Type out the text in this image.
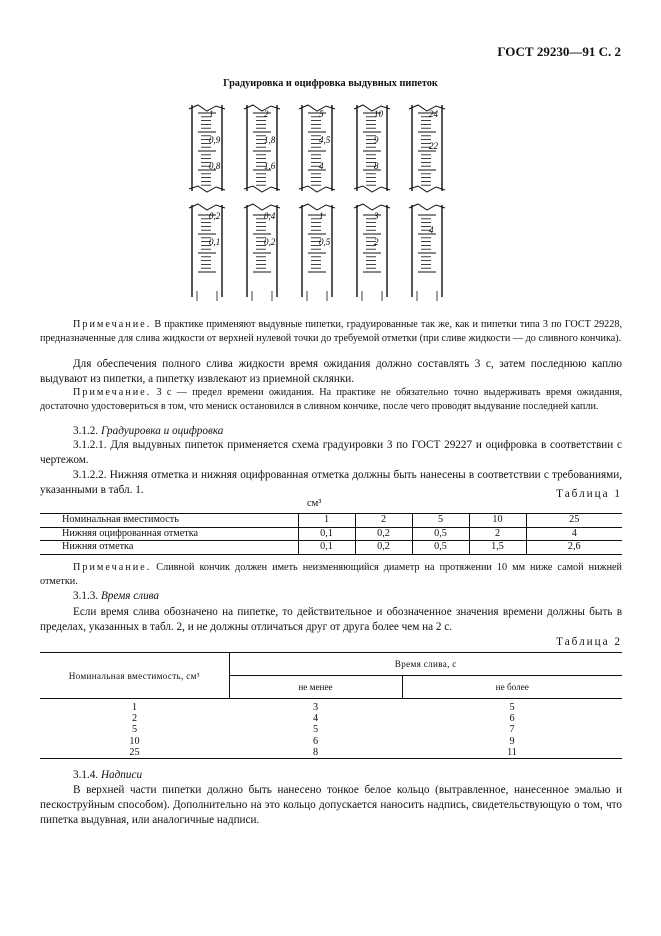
ГОСТ 29230—91 С. 2
Градуировка и оцифровка выдувных пипеток
1
0,9
0,8
0,2
0,1
2
1,8
1,6
0,4
0,2
5
4,5
4
1
0,5
10
9
8
3
2
24
22
4
Примечание. В практике применяют выдувные пипетки, градуированные так же, как и пипетки типа 3 по ГОСТ 29228, предназначенные для слива жидкости от верхней нулевой точки до требуемой отметки (при сливе жидкости — до сливного кончика).
Для обеспечения полного слива жидкости время ожидания должно составлять 3 с, затем последнюю каплю выдувают из пипетки, а пипетку извлекают из приемной склянки.
Примечание. 3 с — предел времени ожидания. На практике не обязательно точно выдерживать время ожидания, достаточно удостовериться в том, что мениск остановился в сливном кончике, после чего проводят выдувание последней капли.
3.1.2. Градуировка и оцифровка
3.1.2.1. Для выдувных пипеток применяется схема градуировки 3 по ГОСТ 29227 и оцифровка в соответствии с чертежом.
3.1.2.2. Нижняя отметка и нижняя оцифрованная отметка должны быть нанесены в соответствии с требованиями, указанными в табл. 1.	Таблица 1
см³
Номинальная вместимость	1	2	5	10	25
Нижняя оцифрованная отметка	0,1	0,2	0,5	2	4
Нижняя отметка	0,1	0,2	0,5	1,5	2,6
Примечание. Сливной кончик должен иметь неизменяющийся диаметр на протяжении 10 мм ниже самой нижней отметки.
3.1.3. Время слива
Если время слива обозначено на пипетке, то действительное и обозначенное значения времени должны быть в пределах, указанных в табл. 2, и не должны отличаться друг от друга более чем на 2 с.
Таблица 2
Номинальная вместимость, см³	Время слива, с	
	не менее	не более
1	3	5
2	4	6
5	5	7
10	6	9
25	8	11
3.1.4. Надписи
В верхней части пипетки должно быть нанесено тонкое белое кольцо (вытравленное, нанесенное эмалью и пескоструйным способом). Дополнительно на это кольцо допускается наносить надпись, свидетельствующую о том, что пипетка выдувная, или аналогичные надписи.
